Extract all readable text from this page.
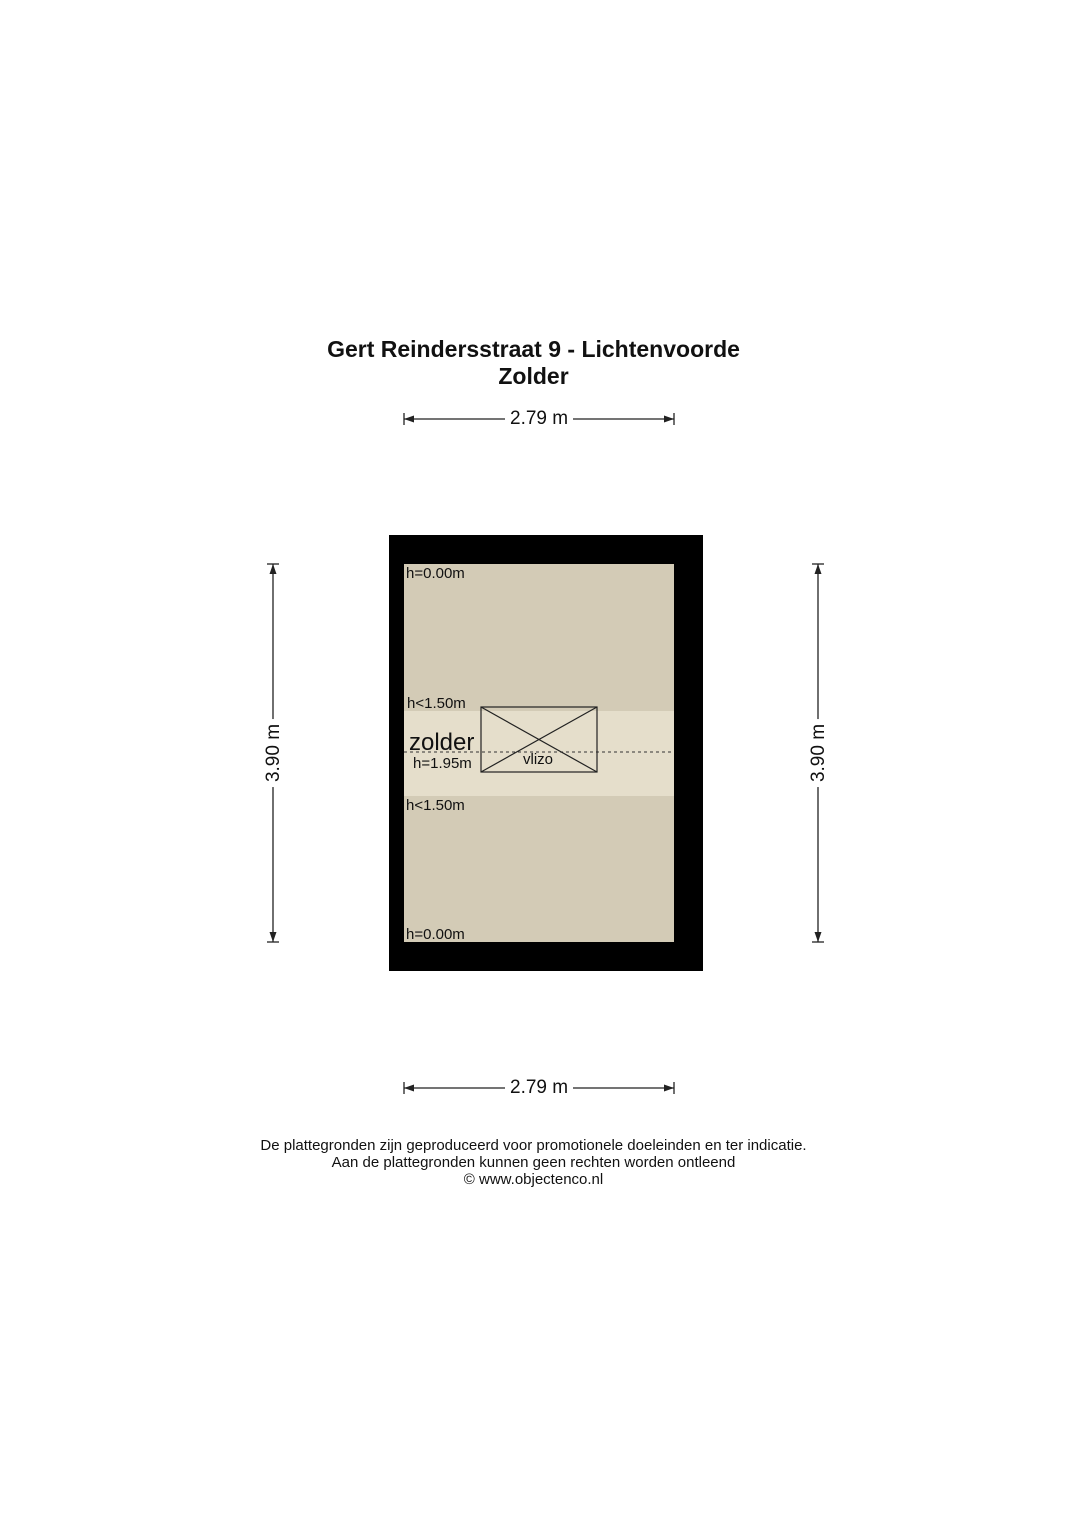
Gert Reindersstraat 9 - Lichtenvoorde
Zolder
2.79 m
2.79 m
3.90 m	3.90 m
h=0.00m
h<1.50m
zolder
h=1.95m	vlizo
h<1.50m
h=0.00m
De plattegronden zijn geproduceerd voor promotionele doeleinden en ter indicatie.
Aan de plattegronden kunnen geen rechten worden ontleend
© www.objectenco.nl
